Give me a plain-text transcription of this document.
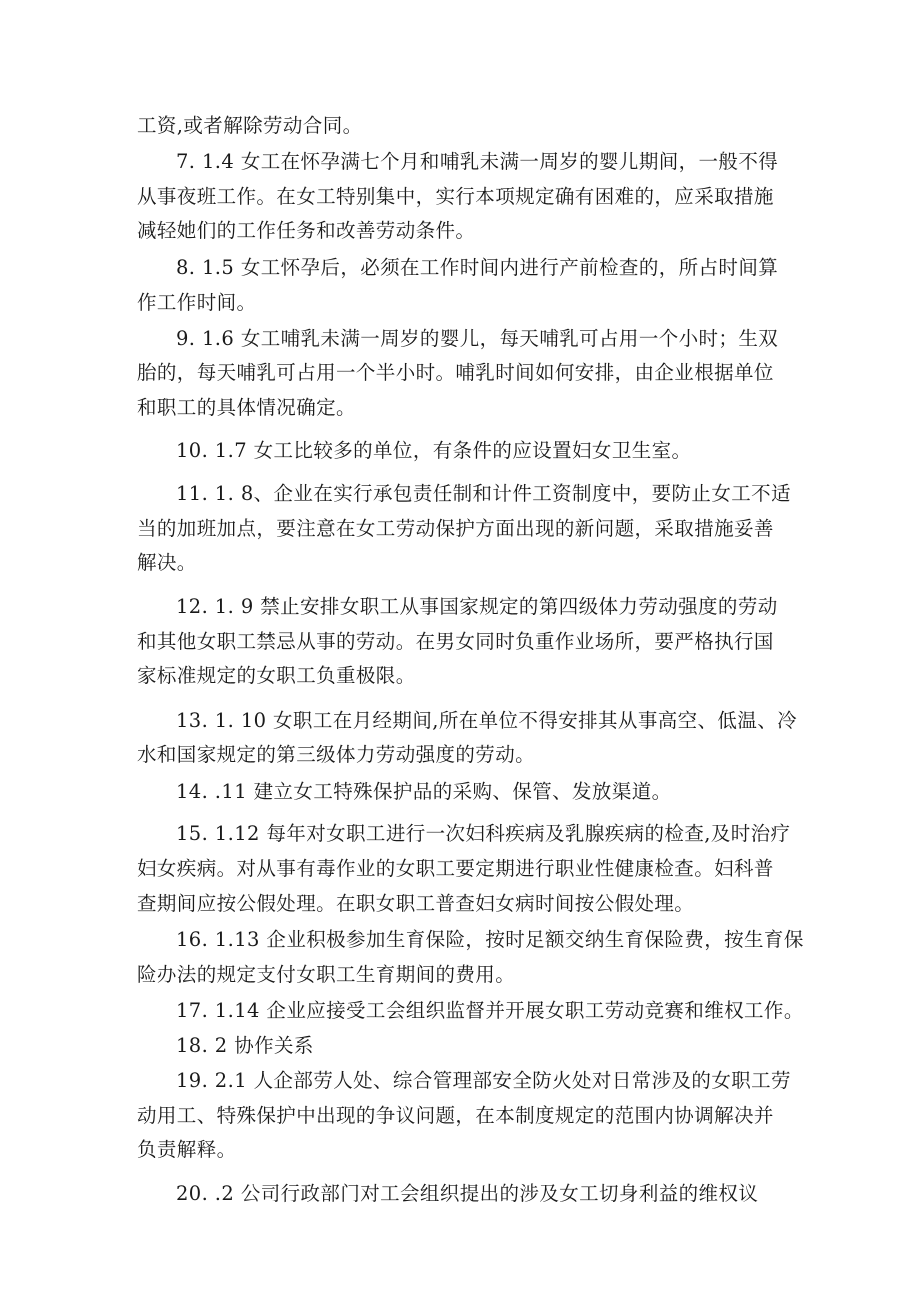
工资,或者解除劳动合同。
7. 1.4 女工在怀孕满七个月和哺乳未满一周岁的婴儿期间，一般不得
从事夜班工作。在女工特别集中，实行本项规定确有困难的，应采取措施
减轻她们的工作任务和改善劳动条件。
8. 1.5 女工怀孕后，必须在工作时间内进行产前检查的，所占时间算
作工作时间。
9. 1.6 女工哺乳未满一周岁的婴儿，每天哺乳可占用一个小时；生双
胎的，每天哺乳可占用一个半小时。哺乳时间如何安排，由企业根据单位
和职工的具体情况确定。
10. 1.7 女工比较多的单位，有条件的应设置妇女卫生室。
11. 1. 8、企业在实行承包责任制和计件工资制度中，要防止女工不适
当的加班加点，要注意在女工劳动保护方面出现的新问题，采取措施妥善
解决。
12. 1. 9 禁止安排女职工从事国家规定的第四级体力劳动强度的劳动
和其他女职工禁忌从事的劳动。在男女同时负重作业场所，要严格执行国
家标准规定的女职工负重极限。
13. 1. 10 女职工在月经期间,所在单位不得安排其从事高空、低温、冷
水和国家规定的第三级体力劳动强度的劳动。
14. .11 建立女工特殊保护品的采购、保管、发放渠道。
15. 1.12 每年对女职工进行一次妇科疾病及乳腺疾病的检查,及时治疗
妇女疾病。对从事有毒作业的女职工要定期进行职业性健康检查。妇科普
查期间应按公假处理。在职女职工普查妇女病时间按公假处理。
16. 1.13 企业积极参加生育保险，按时足额交纳生育保险费，按生育保
险办法的规定支付女职工生育期间的费用。
17. 1.14 企业应接受工会组织监督并开展女职工劳动竞赛和维权工作。
18. 2 协作关系
19. 2.1 人企部劳人处、综合管理部安全防火处对日常涉及的女职工劳
动用工、特殊保护中出现的争议问题，在本制度规定的范围内协调解决并
负责解释。
20. .2 公司行政部门对工会组织提出的涉及女工切身利益的维权议
